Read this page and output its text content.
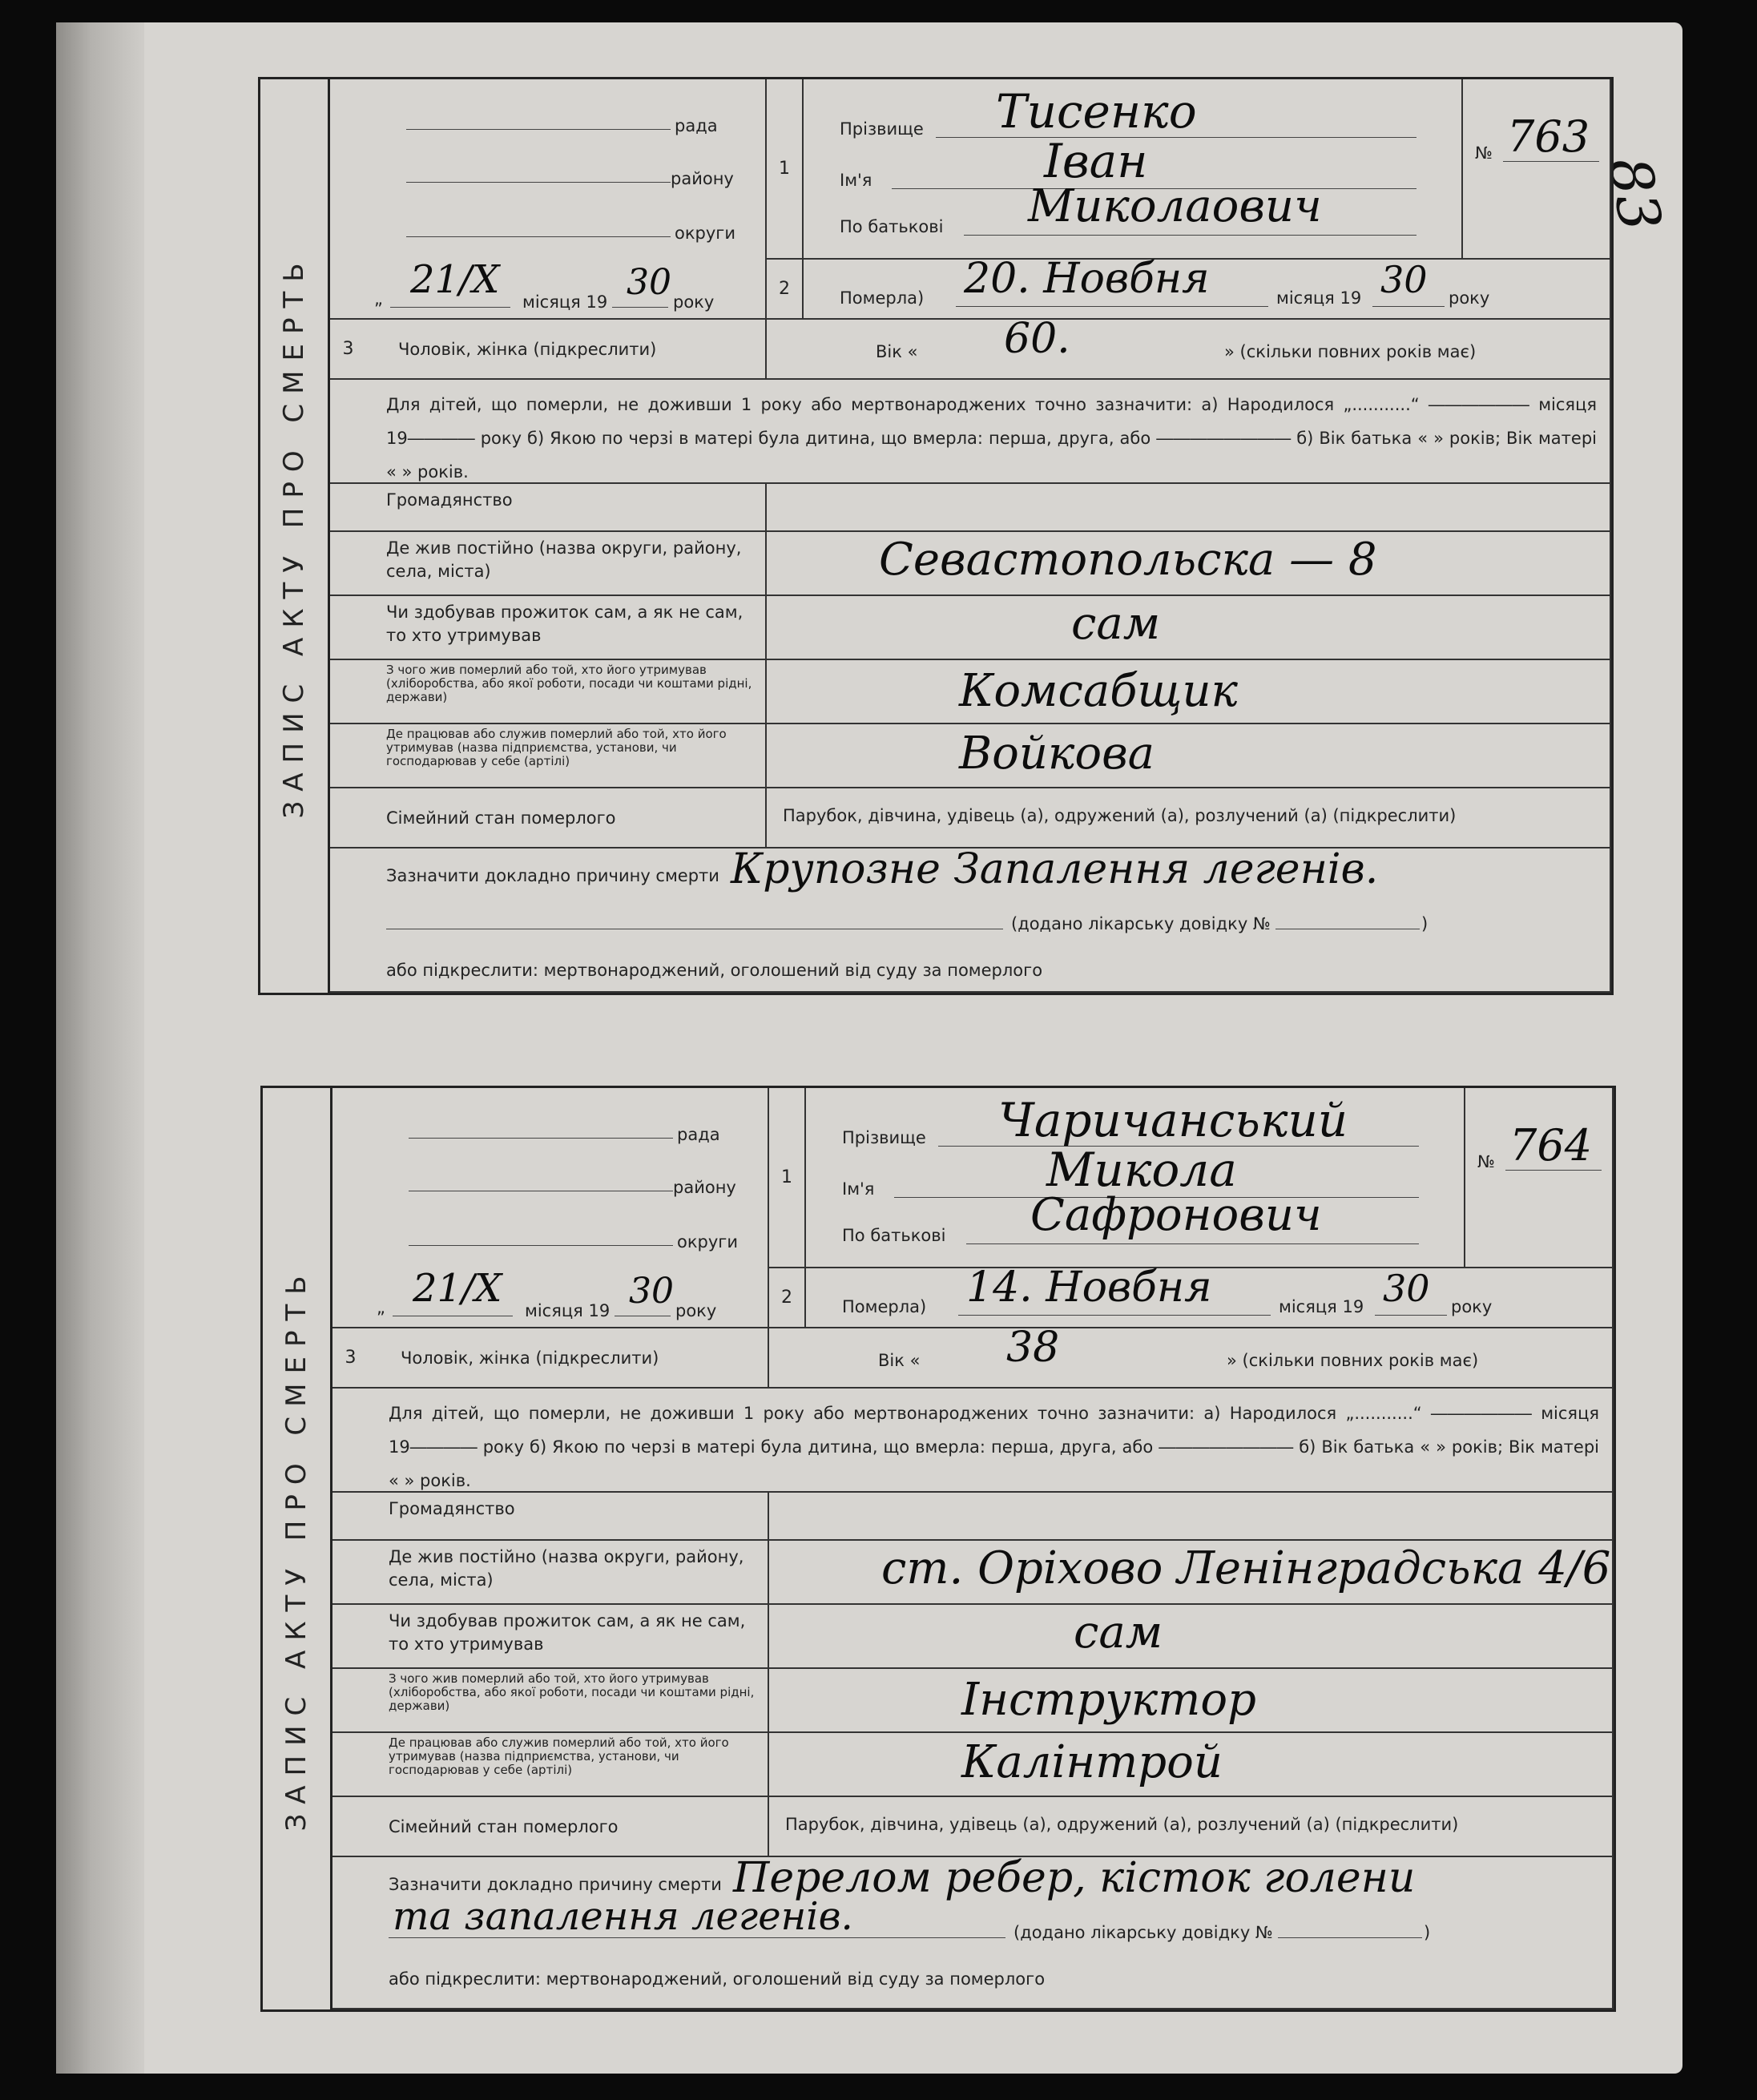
83
ЗАПИС АКТУ ПРО СМЕРТЬ
рада
району
округи
„ 21/X місяця 19 30 року
1
Прізвище Тисенко
Ім'я	Іван
По батькові Миколаович
№ 763
2	Померла) 20. Новбня	місяця 19 30 року
3	Чоловік, жінка (підкреслити)	Вік « 60.	» (скільки повних років має)
Для дітей, що померли, не доживши 1 року або мертвонароджених точно зазначити: а) Народилося „...........“ ―――――― місяця 19―――― року б) Якою по черзі в матері була дитина, що вмерла: перша, друга, або ―――――――― б) Вік батька « » років; Вік матері « » років.
Громадянство
Де жив постійно (назва округи, району, села, міста)	Севастопольска — 8
Чи здобував прожиток сам, а як не сам, то хто утримував	сам
З чого жив померлий або той, хто його утримував (хліборобства, або якої роботи, посади чи коштами рідні, держави)	Комсабщик
Де працював або служив померлий або той, хто його утримував (назва підприємства, установи, чи господарював у себе (артілі)	Войкова
Сімейний стан померлого	Парубок, дівчина, удівець (а), одружений (а), розлучений (а) (підкреслити)
Зазначити докладно причину смерти Крупозне Запалення легенів.
(додано лікарську довідку №	)
або підкреслити: мертвонароджений, оголошений від суду за померлого
ЗАПИС АКТУ ПРО СМЕРТЬ
рада
району
округи
„ 21/X місяця 19 30 року
1
Прізвище Чаричанський
Ім'я	Микола
По батькові Сафронович
№ 764
2	Померла) 14. Новбня	місяця 19 30 року
3	Чоловік, жінка (підкреслити)	Вік « 38	» (скільки повних років має)
Для дітей, що померли, не доживши 1 року або мертвонароджених точно зазначити: а) Народилося „...........“ ―――――― місяця 19―――― року б) Якою по черзі в матері була дитина, що вмерла: перша, друга, або ―――――――― б) Вік батька « » років; Вік матері « » років.
Громадянство
Де жив постійно (назва округи, району, села, міста)	ст. Оріхово Ленінградська 4/6
Чи здобував прожиток сам, а як не сам, то хто утримував	сам
З чого жив померлий або той, хто його утримував (хліборобства, або якої роботи, посади чи коштами рідні, держави)	Інструктор
Де працював або служив померлий або той, хто його утримував (назва підприємства, установи, чи господарював у себе (артілі)	Калінтрой
Сімейний стан померлого	Парубок, дівчина, удівець (а), одружений (а), розлучений (а) (підкреслити)
Зазначити докладно причину смерти Перелом ребер, кісток голени
та запалення легенів.	(додано лікарську довідку №	)
або підкреслити: мертвонароджений, оголошений від суду за померлого
